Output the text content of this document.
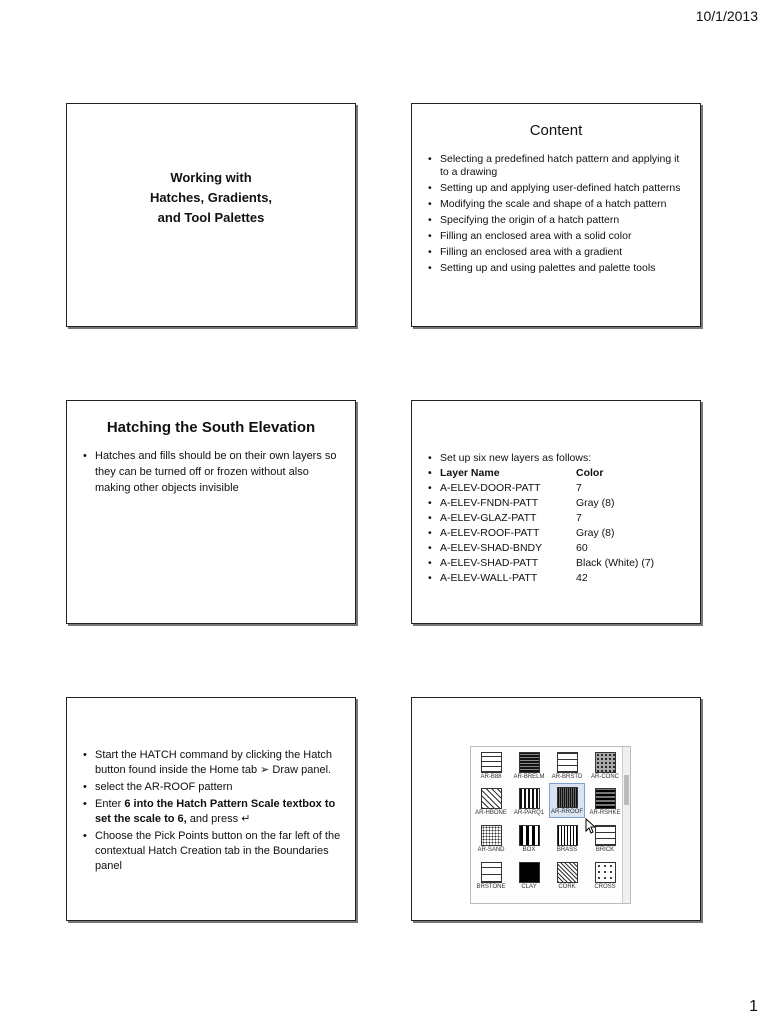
10/1/2013
Working with
Hatches, Gradients,
and Tool Palettes
Content
• Selecting a predefined hatch pattern and applying it to a drawing
• Setting up and applying user-defined hatch patterns
• Modifying the scale and shape of a hatch pattern
• Specifying the origin of a hatch pattern
• Filling an enclosed area with a solid color
• Filling an enclosed area with a gradient
• Setting up and using palettes and palette tools
Hatching the South Elevation
• Hatches and fills should be on their own layers so they can be turned off or frozen without also making other objects invisible
• Set up six new layers as follows:
• Layer Name	Color
• A-ELEV-DOOR-PATT	7
• A-ELEV-FNDN-PATT	Gray (8)
• A-ELEV-GLAZ-PATT	7
• A-ELEV-ROOF-PATT	Gray (8)
• A-ELEV-SHAD-BNDY	60
• A-ELEV-SHAD-PATT	Black (White) (7)
• A-ELEV-WALL-PATT	42
• Start the HATCH command by clicking the Hatch button found inside the Home tab ➢ Draw panel.
• select the AR-ROOF pattern
• Enter 6 into the Hatch Pattern Scale textbox to set the scale to 6, and press ↵
• Choose the Pick Points button on the far left of the contextual Hatch Creation tab in the Boundaries panel
AR-B88	AR-BRELM	AR-BRSTD	AR-CONC
AR-HBONE	AR-PARQ1	AR-RROOF	AR-RSHKE
AR-SAND	BOX	BRASS	BRICK
BRSTONE	CLAY	CORK	CROSS
1
